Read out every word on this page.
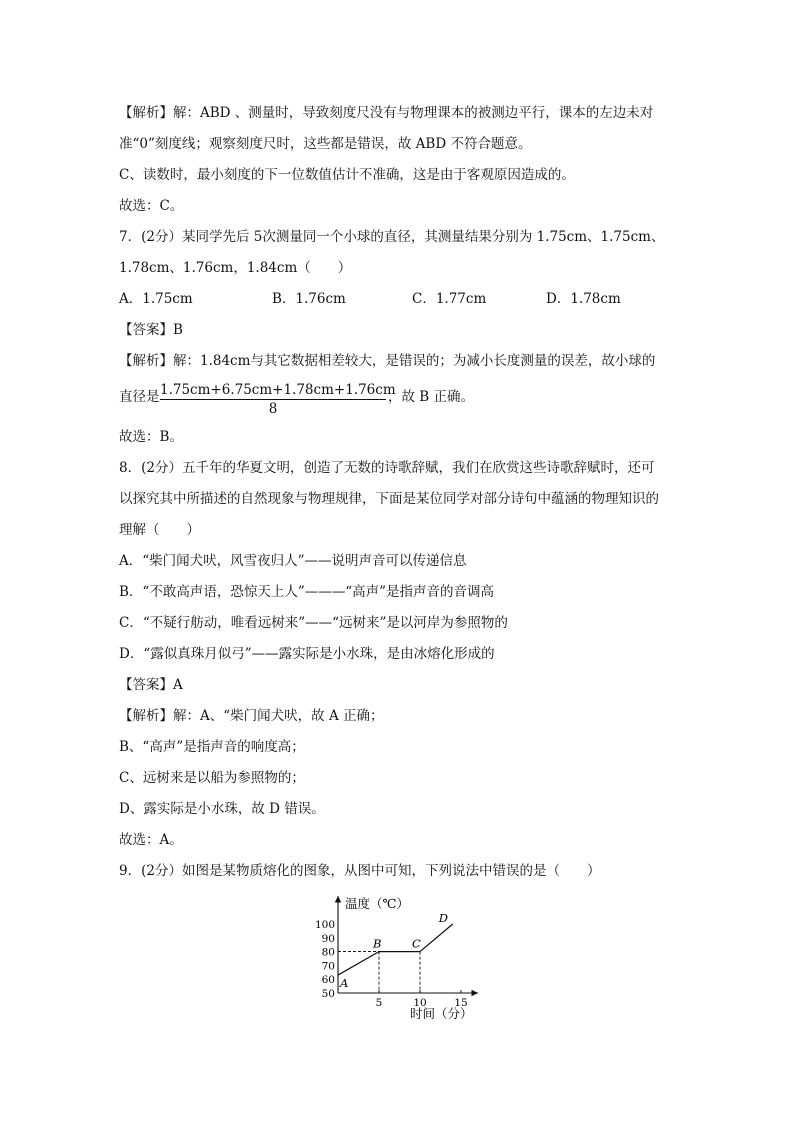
【解析】解：ABD 、测量时，导致刻度尺没有与物理课本的被测边平行，课本的左边未对
准“0”刻度线；观察刻度尺时，这些都是错误，故 ABD 不符合题意。
C、读数时，最小刻度的下一位数值估计不准确，这是由于客观原因造成的。
故选：C。
7．(2分）某同学先后 5次测量同一个小球的直径，其测量结果分别为 1.75cm、1.75cm、
1.78cm、1.76cm，1.84cm（　　）
A．1.75cm	B．1.76cm	C．1.77cm	D．1.78cm
【答案】B
【解析】解：1.84cm与其它数据相差较大，是错误的；为减小长度测量的误差，故小球的
直径是 1.75cm+6.75cm+1.78cm+1.76cm
8
，故 B 正确。
故选：B。
8．(2分）五千年的华夏文明，创造了无数的诗歌辞赋，我们在欣赏这些诗歌辞赋时，还可
以探究其中所描述的自然现象与物理规律，下面是某位同学对部分诗句中蕴涵的物理知识的
理解（　　）
A．“柴门闻犬吠，风雪夜归人”——说明声音可以传递信息
B．“不敢高声语，恐惊天上人”———“高声”是指声音的音调高
C．“不疑行舫动，唯看远树来”——“远树来”是以河岸为参照物的
D．“露似真珠月似弓”——露实际是小水珠，是由冰熔化形成的
【答案】A
【解析】解：A、“柴门闻犬吠，故 A 正确；
B、“高声”是指声音的响度高；
C、远树来是以船为参照物的；
D、露实际是小水珠，故 D 错误。
故选：A。
9．(2分）如图是某物质熔化的图象，从图中可知，下列说法中错误的是（　　）
温度（℃）
时间（分）
50
60
70
80
90
100
5	10	15
A
B	C
D
